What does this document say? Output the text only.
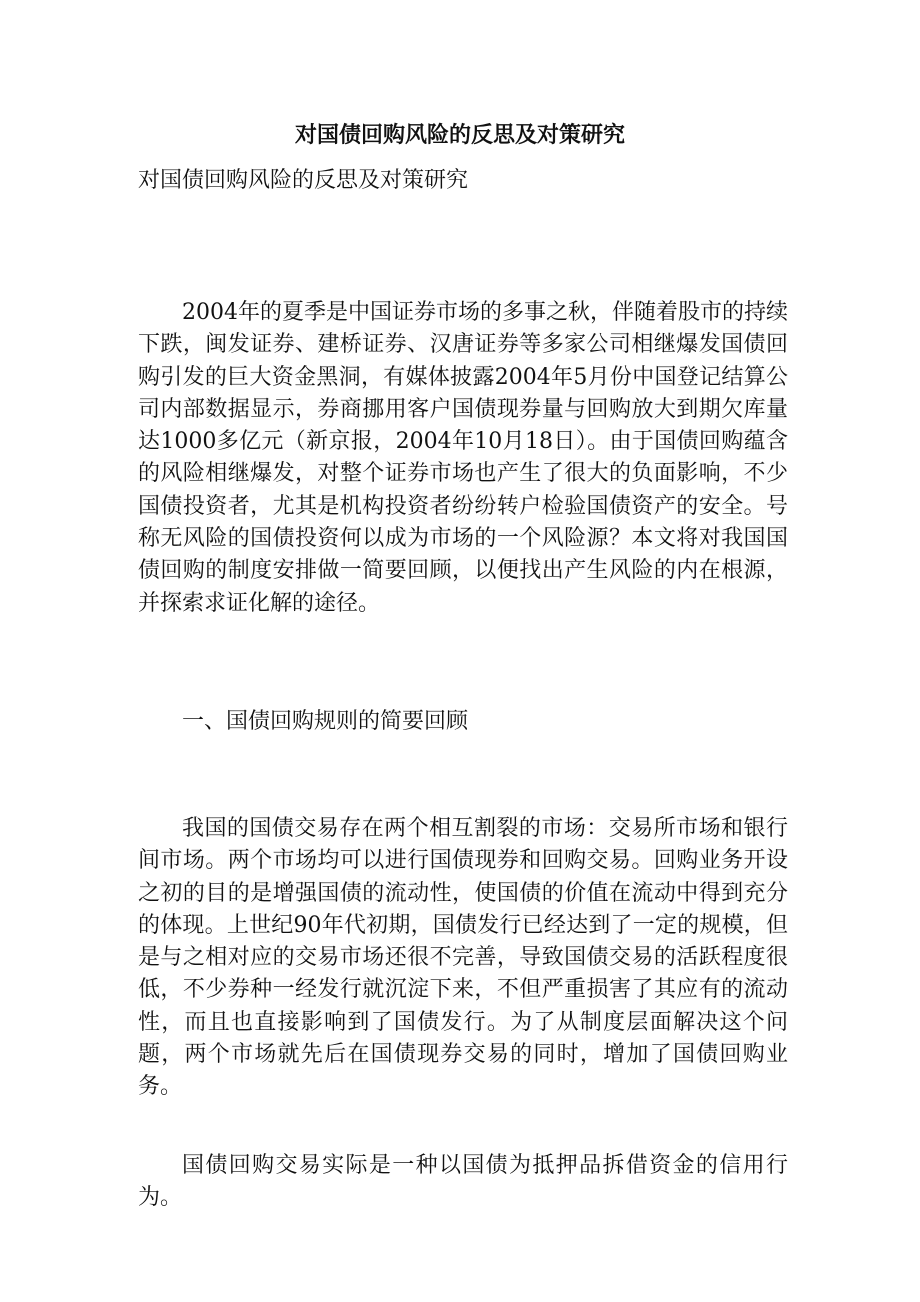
对国债回购风险的反思及对策研究
对国债回购风险的反思及对策研究

2004年的夏季是中国证券市场的多事之秋，伴随着股市的持续下跌，闽发证券、建桥证券、汉唐证券等多家公司相继爆发国债回购引发的巨大资金黑洞，有媒体披露2004年5月份中国登记结算公司内部数据显示，券商挪用客户国债现券量与回购放大到期欠库量达1000多亿元（新京报，2004年10月18日）。由于国债回购蕴含的风险相继爆发，对整个证券市场也产生了很大的负面影响，不少国债投资者，尤其是机构投资者纷纷转户检验国债资产的安全。号称无风险的国债投资何以成为市场的一个风险源？本文将对我国国债回购的制度安排做一简要回顾，以便找出产生风险的内在根源，并探索求证化解的途径。

一、国债回购规则的简要回顾

我国的国债交易存在两个相互割裂的市场：交易所市场和银行间市场。两个市场均可以进行国债现券和回购交易。回购业务开设之初的目的是增强国债的流动性，使国债的价值在流动中得到充分的体现。上世纪90年代初期，国债发行已经达到了一定的规模，但是与之相对应的交易市场还很不完善，导致国债交易的活跃程度很低，不少券种一经发行就沉淀下来，不但严重损害了其应有的流动性，而且也直接影响到了国债发行。为了从制度层面解决这个问题，两个市场就先后在国债现券交易的同时，增加了国债回购业务。

国债回购交易实际是一种以国债为抵押品拆借资金的信用行为。
